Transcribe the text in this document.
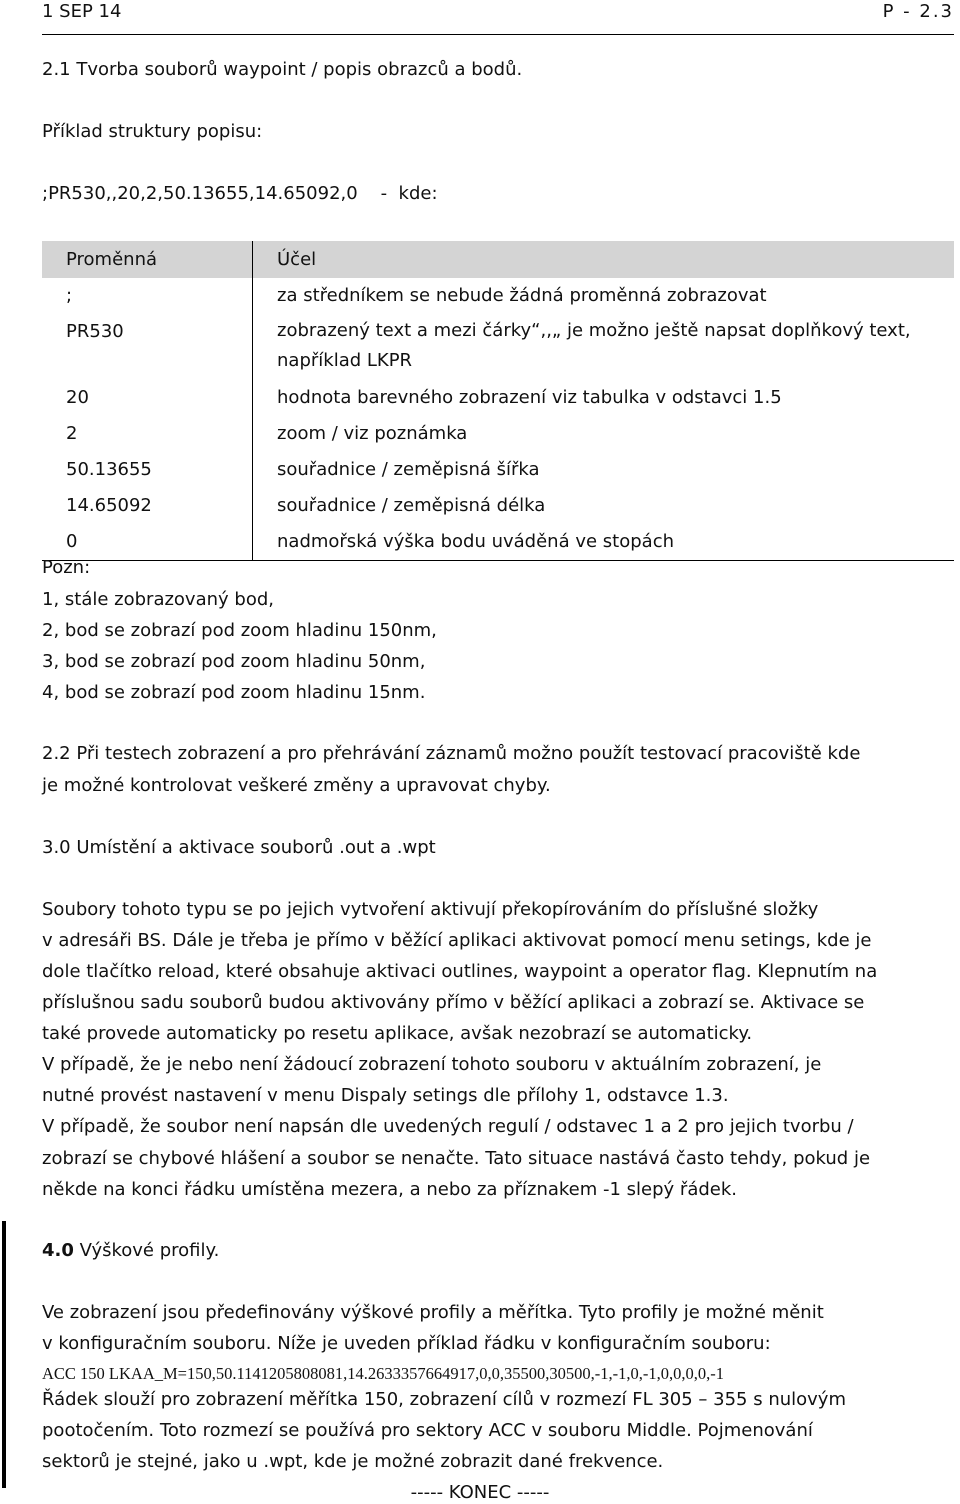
1 SEP 14	P - 2.3
2.1 Tvorba souborů waypoint / popis obrazců a bodů.
Příklad struktury popisu:
;PR530,,20,2,50.13655,14.65092,0    -  kde:
Proměnná	Účel
;	za středníkem se nebude žádná proměnná zobrazovat
PR530	zobrazený text a mezi čárky“,,„ je možno ještě napsat doplňkový text,
například LKPR

20	hodnota barevného zobrazení viz tabulka v odstavci 1.5
2	zoom / viz poznámka
50.13655	souřadnice / zeměpisná šířka
14.65092	souřadnice / zeměpisná délka
0	nadmořská výška bodu uváděná ve stopách
Pozn:
1, stále zobrazovaný bod,
2, bod se zobrazí pod zoom hladinu 150nm,
3, bod se zobrazí pod zoom hladinu 50nm,
4, bod se zobrazí pod zoom hladinu 15nm.
2.2 Při testech zobrazení a pro přehrávání záznamů možno použít testovací pracoviště kde
je možné kontrolovat veškeré změny a upravovat chyby.
3.0 Umístění a aktivace souborů .out a .wpt
Soubory tohoto typu se po jejich vytvoření aktivují překopírováním do příslušné složky
v adresáři BS. Dále je třeba je přímo v běžící aplikaci aktivovat pomocí menu setings, kde je
dole tlačítko reload, které obsahuje aktivaci outlines, waypoint a operator flag. Klepnutím na
příslušnou sadu souborů budou aktivovány přímo v běžící aplikaci a zobrazí se. Aktivace se
také provede automaticky po resetu aplikace, avšak nezobrazí se automaticky.
V případě, že je nebo není žádoucí zobrazení tohoto souboru v aktuálním zobrazení, je
nutné provést nastavení v menu Dispaly setings dle přílohy 1, odstavce 1.3.
V případě, že soubor není napsán dle uvedených regulí / odstavec 1 a 2 pro jejich tvorbu /
zobrazí se chybové hlášení a soubor se nenačte. Tato situace nastává často tehdy, pokud je
někde na konci řádku umístěna mezera, a nebo za příznakem -1 slepý řádek.
4.0 Výškové profily.
Ve zobrazení jsou předefinovány výškové profily a měřítka. Tyto profily je možné měnit
v konfiguračním souboru. Níže je uveden příklad řádku v konfiguračním souboru:
ACC 150 LKAA_M=150,50.1141205808081,14.2633357664917,0,0,35500,30500,-1,-1,0,-1,0,0,0,0,-1
Řádek slouží pro zobrazení měřítka 150, zobrazení cílů v rozmezí FL 305 – 355 s nulovým
pootočením. Toto rozmezí se používá pro sektory ACC v souboru Middle. Pojmenování
sektorů je stejné, jako u .wpt, kde je možné zobrazit dané frekvence.
----- KONEC -----
